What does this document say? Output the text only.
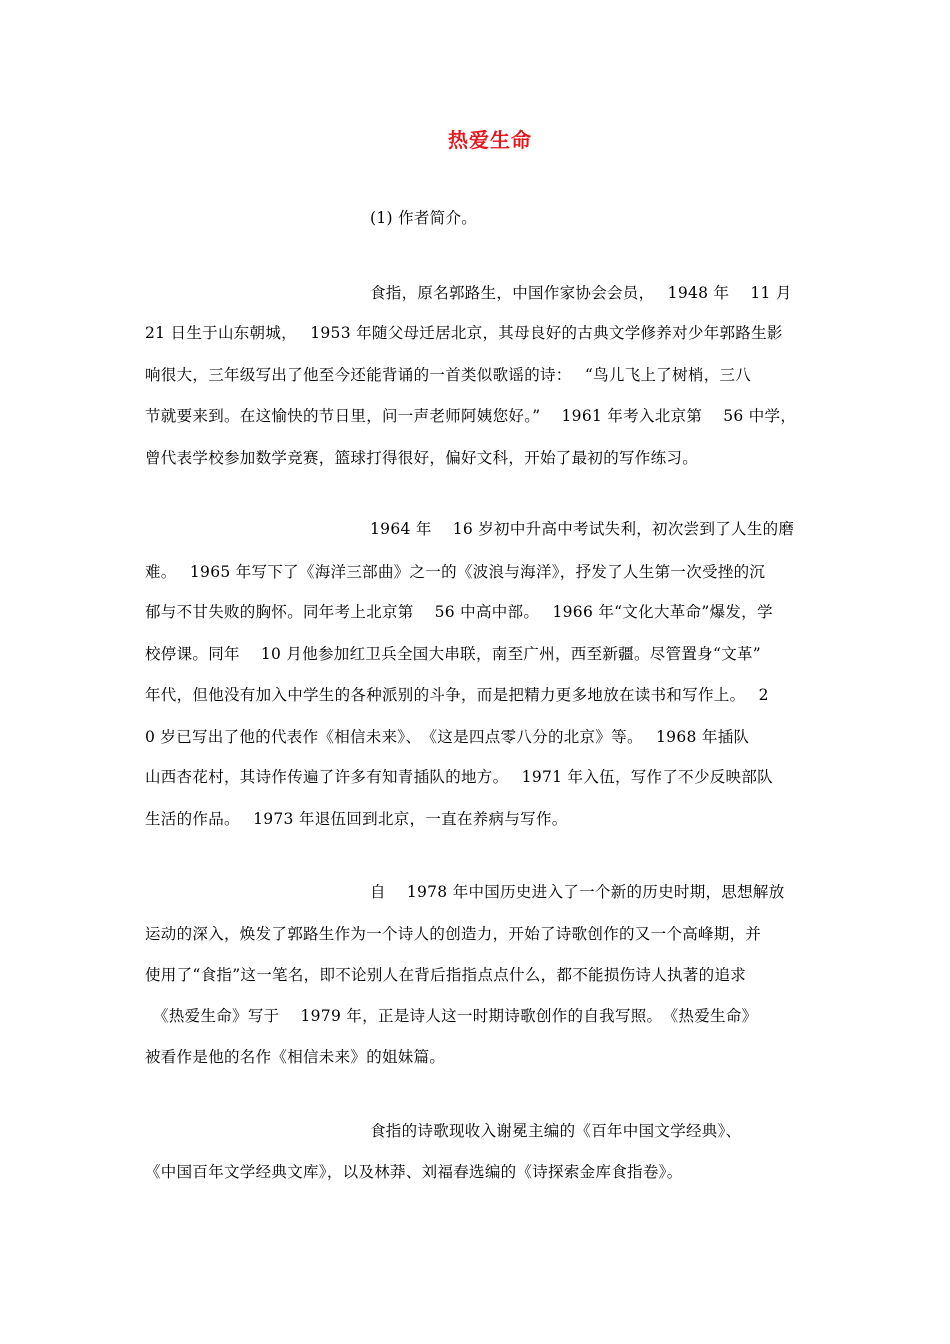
热爱生命
(1) 作者简介。
食指，原名郭路生，中国作家协会会员，　 1948 年　 11 月
21 日生于山东朝城，　 1953 年随父母迁居北京，其母良好的古典文学修养对少年郭路生影
响很大，三年级写出了他至今还能背诵的一首类似歌谣的诗：　 “鸟儿飞上了树梢，三八
节就要来到。在这愉快的节日里，问一声老师阿姨您好。”　 1961 年考入北京第　 56 中学，
曾代表学校参加数学竞赛，篮球打得很好，偏好文科，开始了最初的写作练习。
1964 年　 16 岁初中升高中考试失利，初次尝到了人生的磨
难。　 1965 年写下了《海洋三部曲》之一的《波浪与海洋》，抒发了人生第一次受挫的沉
郁与不甘失败的胸怀。同年考上北京第　 56 中高中部。　 1966 年“文化大革命”爆发，学
校停课。同年　 10 月他参加红卫兵全国大串联，南至广州，西至新疆。尽管置身“文革”
年代，但他没有加入中学生的各种派别的斗争，而是把精力更多地放在读书和写作上。　 2
0 岁已写出了他的代表作《相信未来》、　《这是四点零八分的北京》等。　 1968 年插队
山西杏花村，其诗作传遍了许多有知青插队的地方。　 1971 年入伍，写作了不少反映部队
生活的作品。　 1973 年退伍回到北京，一直在养病与写作。
自　 1978 年中国历史进入了一个新的历史时期，思想解放
运动的深入，焕发了郭路生作为一个诗人的创造力，开始了诗歌创作的又一个高峰期，并
使用了“食指”这一笔名，即不论别人在背后指指点点什么，都不能损伤诗人执著的追求
　《热爱生命》写于　 1979 年，正是诗人这一时期诗歌创作的自我写照。　《热爱生命》
被看作是他的名作《相信未来》的姐妹篇。
食指的诗歌现收入谢冕主编的《百年中国文学经典》、
《中国百年文学经典文库》，以及林莽、刘福春选编的《诗探索金库食指卷》。
